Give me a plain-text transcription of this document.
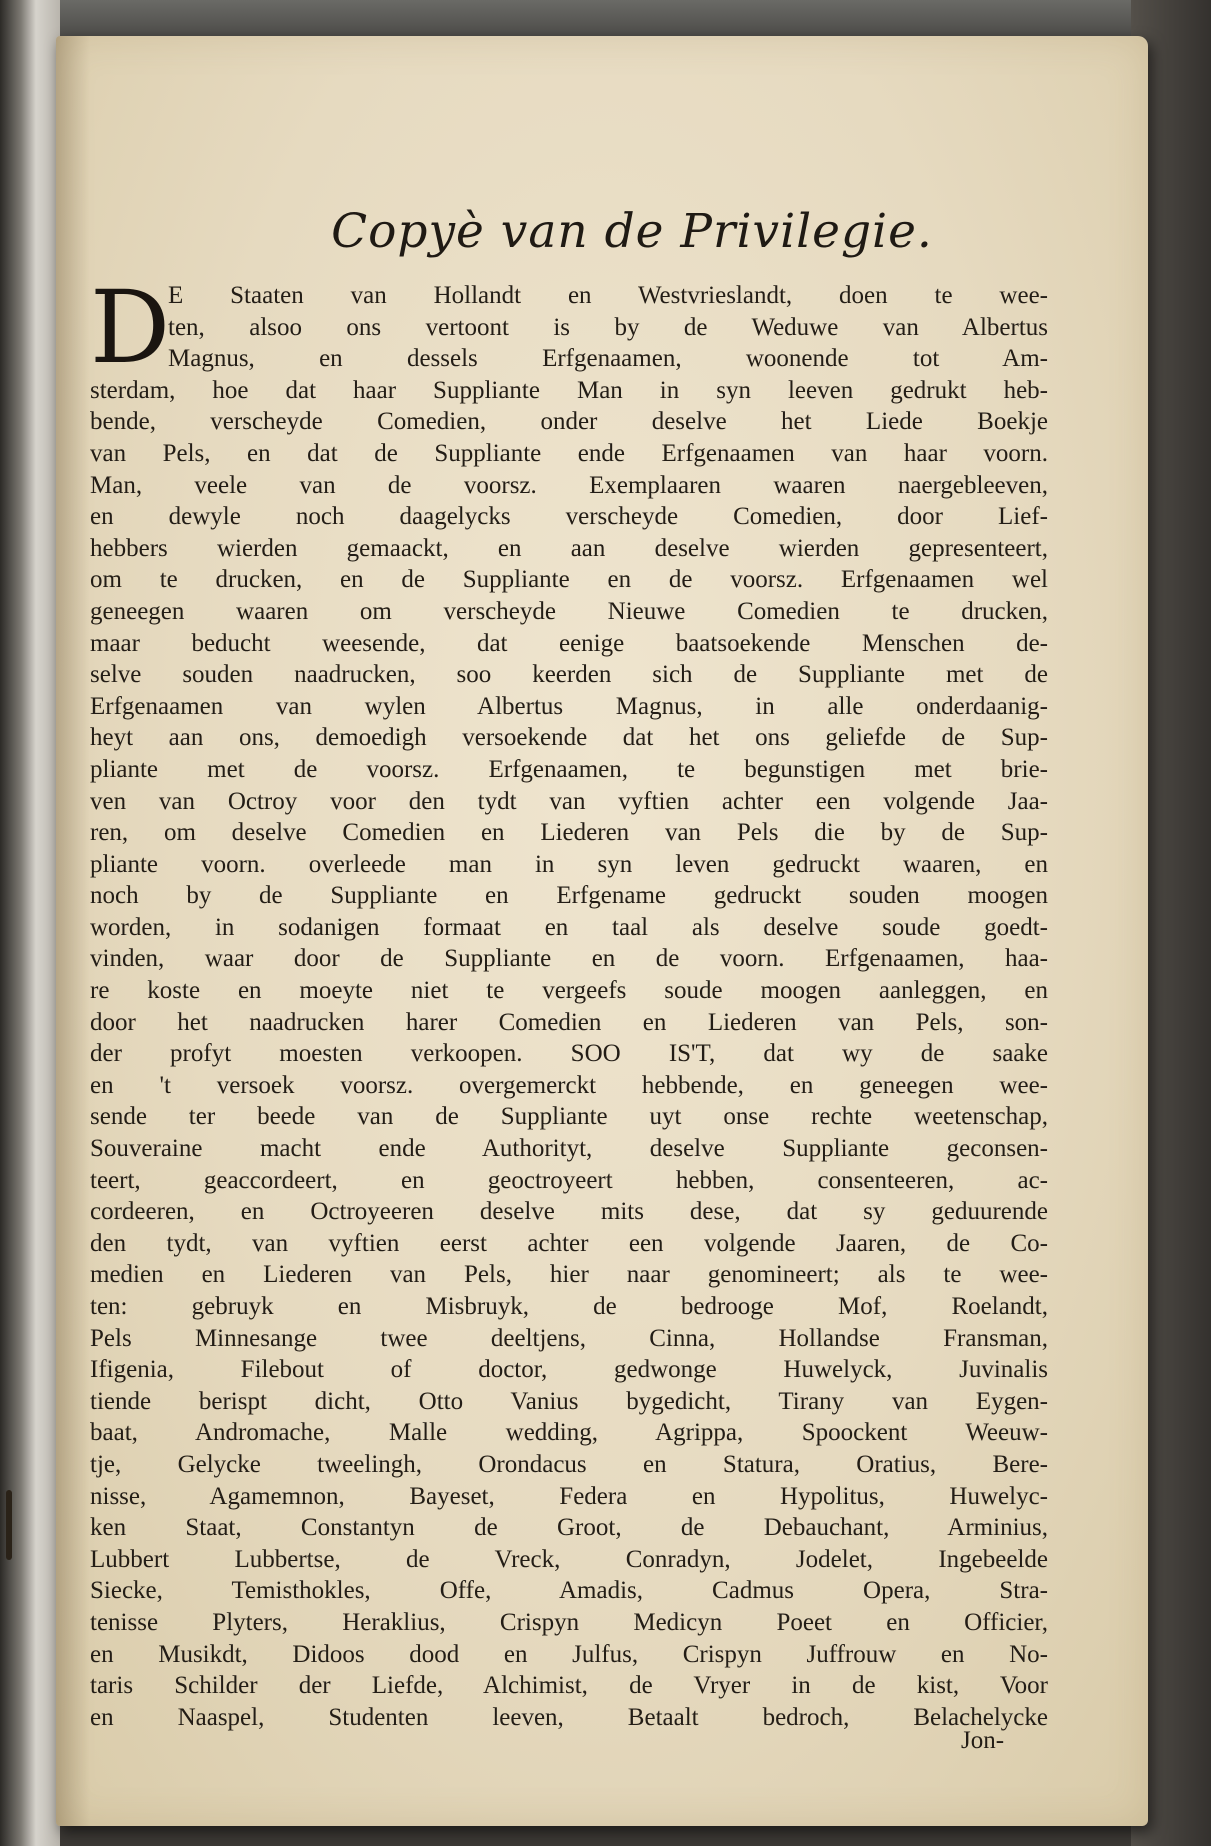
Copyè van de Privilegie.
D
E Staaten van Hollandt en Westvrieslandt, doen te wee-
ten, alsoo ons vertoont is by de Weduwe van Albertus
Magnus, en dessels Erfgenaamen, woonende tot Am-
sterdam, hoe dat haar Suppliante Man in syn leeven gedrukt heb-
bende, verscheyde Comedien, onder deselve het Liede Boekje
van Pels, en dat de Suppliante ende Erfgenaamen van haar voorn.
Man, veele van de voorsz. Exemplaaren waaren naergebleeven,
en dewyle noch daagelycks verscheyde Comedien, door Lief-
hebbers wierden gemaackt, en aan deselve wierden gepresenteert,
om te drucken, en de Suppliante en de voorsz. Erfgenaamen wel
geneegen waaren om verscheyde Nieuwe Comedien te drucken,
maar beducht weesende, dat eenige baatsoekende Menschen de-
selve souden naadrucken, soo keerden sich de Suppliante met de
Erfgenaamen van wylen Albertus Magnus, in alle onderdaanig-
heyt aan ons, demoedigh versoekende dat het ons geliefde de Sup-
pliante met de voorsz. Erfgenaamen, te begunstigen met brie-
ven van Octroy voor den tydt van vyftien achter een volgende Jaa-
ren, om deselve Comedien en Liederen van Pels die by de Sup-
pliante voorn. overleede man in syn leven gedruckt waaren, en
noch by de Suppliante en Erfgename gedruckt souden moogen
worden, in sodanigen formaat en taal als deselve soude goedt-
vinden, waar door de Suppliante en de voorn. Erfgenaamen, haa-
re koste en moeyte niet te vergeefs soude moogen aanleggen, en
door het naadrucken harer Comedien en Liederen van Pels, son-
der profyt moesten verkoopen. SOO IS'T, dat wy de saake
en 't versoek voorsz. overgemerckt hebbende, en geneegen wee-
sende ter beede van de Suppliante uyt onse rechte weetenschap,
Souveraine macht ende Authorityt, deselve Suppliante geconsen-
teert, geaccordeert, en geoctroyeert hebben, consenteeren, ac-
cordeeren, en Octroyeeren deselve mits dese, dat sy geduurende
den tydt, van vyftien eerst achter een volgende Jaaren, de Co-
medien en Liederen van Pels, hier naar genomineert; als te wee-
ten: gebruyk en Misbruyk, de bedrooge Mof, Roelandt,
Pels Minnesange twee deeltjens, Cinna, Hollandse Fransman,
Ifigenia, Filebout of doctor, gedwonge Huwelyck, Juvinalis
tiende berispt dicht, Otto Vanius bygedicht, Tirany van Eygen-
baat, Andromache, Malle wedding, Agrippa, Spoockent Weeuw-
tje, Gelycke tweelingh, Orondacus en Statura, Oratius, Bere-
nisse, Agamemnon, Bayeset, Federa en Hypolitus, Huwelyc-
ken Staat, Constantyn de Groot, de Debauchant, Arminius,
Lubbert Lubbertse, de Vreck, Conradyn, Jodelet, Ingebeelde
Siecke, Temisthokles, Offe, Amadis, Cadmus Opera, Stra-
tenisse Plyters, Heraklius, Crispyn Medicyn Poeet en Officier,
en Musikdt, Didoos dood en Julfus, Crispyn Juffrouw en No-
taris Schilder der Liefde, Alchimist, de Vryer in de kist, Voor
en Naaspel, Studenten leeven, Betaalt bedroch, Belachelycke
Jon-
